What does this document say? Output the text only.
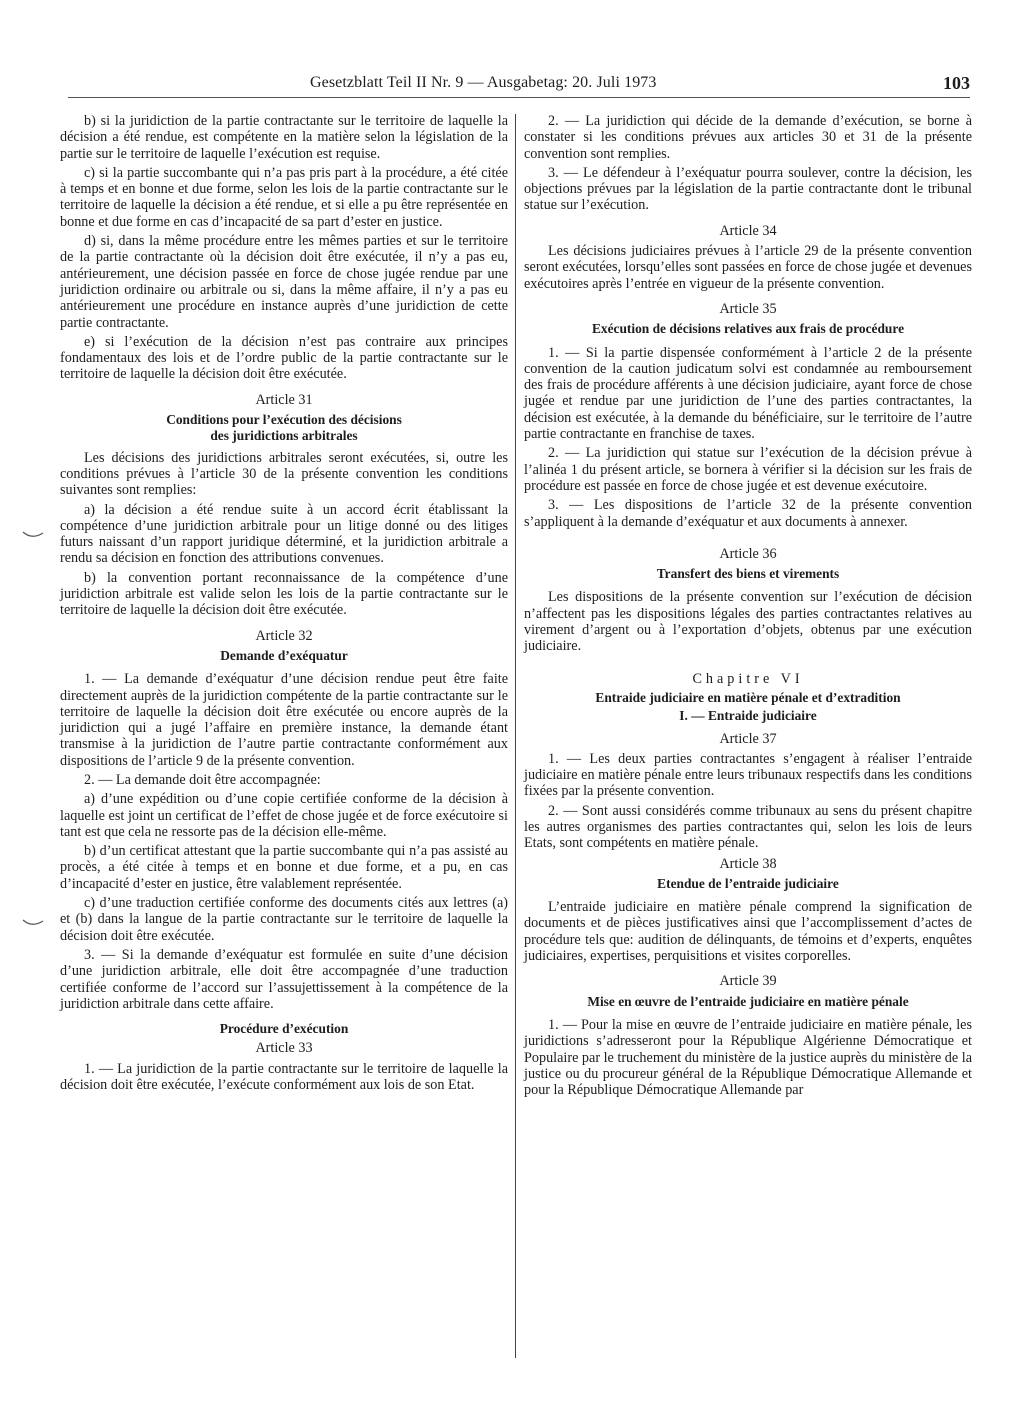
Gesetzblatt Teil II Nr. 9 — Ausgabetag: 20. Juli 1973	103

b) si la juridiction de la partie contractante sur le territoire de laquelle la décision a été rendue, est compétente en la matière selon la législation de la partie sur le territoire de laquelle l’exécution est requise.

c) si la partie succombante qui n’a pas pris part à la procédure, a été citée à temps et en bonne et due forme, selon les lois de la partie contractante sur le territoire de laquelle la décision a été rendue, et si elle a pu être représentée en bonne et due forme en cas d’incapacité de sa part d’ester en justice.

d) si, dans la même procédure entre les mêmes parties et sur le territoire de la partie contractante où la décision doit être exécutée, il n’y a pas eu, antérieurement, une décision passée en force de chose jugée rendue par une juridiction ordinaire ou arbitrale ou si, dans la même affaire, il n’y a pas eu antérieurement une procédure en instance auprès d’une juridiction de cette partie contractante.

e) si l’exécution de la décision n’est pas contraire aux principes fondamentaux des lois et de l’ordre public de la partie contractante sur le territoire de laquelle la décision doit être exécutée.

Article 31
Conditions pour l’exécution des décisions
des juridictions arbitrales

Les décisions des juridictions arbitrales seront exécutées, si, outre les conditions prévues à l’article 30 de la présente convention les conditions suivantes sont remplies:

a) la décision a été rendue suite à un accord écrit établissant la compétence d’une juridiction arbitrale pour un litige donné ou des litiges futurs naissant d’un rapport juridique déterminé, et la juridiction arbitrale a rendu sa décision en fonction des attributions convenues.

b) la convention portant reconnaissance de la compétence d’une juridiction arbitrale est valide selon les lois de la partie contractante sur le territoire de laquelle la décision doit être exécutée.

Article 32
Demande d’exéquatur

1. — La demande d’exéquatur d’une décision rendue peut être faite directement auprès de la juridiction compétente de la partie contractante sur le territoire de laquelle la décision doit être exécutée ou encore auprès de la juridiction qui a jugé l’affaire en première instance, la demande étant transmise à la juridiction de l’autre partie contractante conformément aux dispositions de l’article 9 de la présente convention.

2. — La demande doit être accompagnée:

a) d’une expédition ou d’une copie certifiée conforme de la décision à laquelle est joint un certificat de l’effet de chose jugée et de force exécutoire si tant est que cela ne ressorte pas de la décision elle-même.

b) d’un certificat attestant que la partie succombante qui n’a pas assisté au procès, a été citée à temps et en bonne et due forme, et a pu, en cas d’incapacité d’ester en justice, être valablement représentée.

c) d’une traduction certifiée conforme des documents cités aux lettres (a) et (b) dans la langue de la partie contractante sur le territoire de laquelle la décision doit être exécutée.

3. — Si la demande d’exéquatur est formulée en suite d’une décision d’une juridiction arbitrale, elle doit être accompagnée d’une traduction certifiée conforme de l’accord sur l’assujettissement à la compétence de la juridiction arbitrale dans cette affaire.

Procédure d’exécution
Article 33

1. — La juridiction de la partie contractante sur le territoire de laquelle la décision doit être exécutée, l’exécute conformément aux lois de son Etat.

2. — La juridiction qui décide de la demande d’exécution, se borne à constater si les conditions prévues aux articles 30 et 31 de la présente convention sont remplies.

3. — Le défendeur à l’exéquatur pourra soulever, contre la décision, les objections prévues par la législation de la partie contractante dont le tribunal statue sur l’exécution.

Article 34

Les décisions judiciaires prévues à l’article 29 de la présente convention seront exécutées, lorsqu’elles sont passées en force de chose jugée et devenues exécutoires après l’entrée en vigueur de la présente convention.

Article 35
Exécution de décisions relatives aux frais de procédure

1. — Si la partie dispensée conformément à l’article 2 de la présente convention de la caution judicatum solvi est condamnée au remboursement des frais de procédure afférents à une décision judiciaire, ayant force de chose jugée et rendue par une juridiction de l’une des parties contractantes, la décision est exécutée, à la demande du bénéficiaire, sur le territoire de l’autre partie contractante en franchise de taxes.

2. — La juridiction qui statue sur l’exécution de la décision prévue à l’alinéa 1 du présent article, se bornera à vérifier si la décision sur les frais de procédure est passée en force de chose jugée et est devenue exécutoire.

3. — Les dispositions de l’article 32 de la présente convention s’appliquent à la demande d’exéquatur et aux documents à annexer.

Article 36
Transfert des biens et virements

Les dispositions de la présente convention sur l’exécution de décision n’affectent pas les dispositions légales des parties contractantes relatives au virement d’argent ou à l’exportation d’objets, obtenus par une exécution judiciaire.

Chapitre VI
Entraide judiciaire en matière pénale et d’extradition
I. — Entraide judiciaire
Article 37

1. — Les deux parties contractantes s’engagent à réaliser l’entraide judiciaire en matière pénale entre leurs tribunaux respectifs dans les conditions fixées par la présente convention.

2. — Sont aussi considérés comme tribunaux au sens du présent chapitre les autres organismes des parties contractantes qui, selon les lois de leurs Etats, sont compétents en matière pénale.

Article 38
Etendue de l’entraide judiciaire

L’entraide judiciaire en matière pénale comprend la signification de documents et de pièces justificatives ainsi que l’accomplissement d’actes de procédure tels que: audition de délinquants, de témoins et d’experts, enquêtes judiciaires, expertises, perquisitions et visites corporelles.

Article 39
Mise en œuvre de l’entraide judiciaire en matière pénale

1. — Pour la mise en œuvre de l’entraide judiciaire en matière pénale, les juridictions s’adresseront pour la République Algérienne Démocratique et Populaire par le truchement du ministère de la justice auprès du ministère de la justice ou du procureur général de la République Démocratique Allemande et pour la République Démocratique Allemande par
